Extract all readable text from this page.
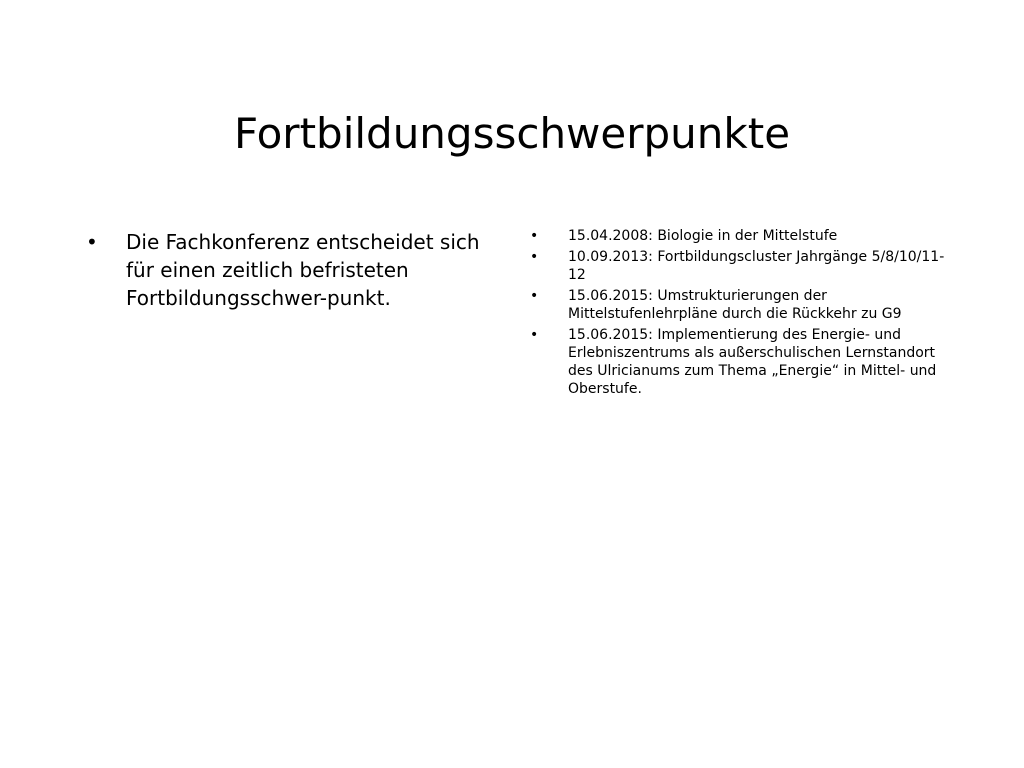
Fortbildungsschwerpunkte
•	Die Fachkonferenz entscheidet sich für einen zeitlich befristeten Fortbildungsschwer-punkt.
•	15.04.2008: Biologie in der Mittelstufe
•	10.09.2013: Fortbildungscluster Jahrgänge 5/8/10/11-12
•	15.06.2015: Umstrukturierungen der Mittelstufenlehrpläne durch die Rückkehr zu G9
•	15.06.2015: Implementierung des Energie- und Erlebniszentrums als außerschulischen Lernstandort des Ulricianums zum Thema „Energie“ in Mittel- und Oberstufe.
